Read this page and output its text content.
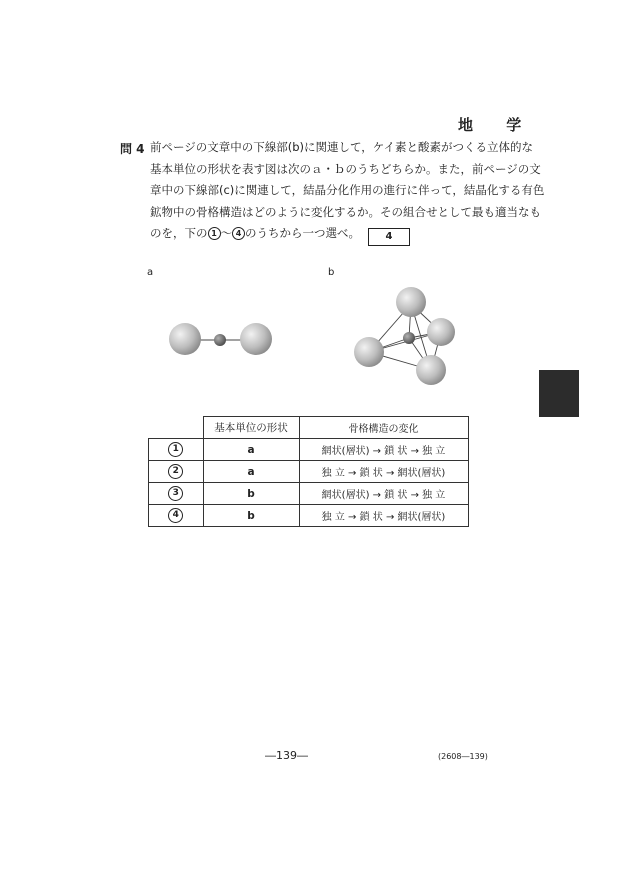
地 学
問 4 前ページの文章中の下線部(b)に関連して，ケイ素と酸素がつくる立体的な
基本単位の形状を表す図は次のａ・ｂのうちどちらか。また，前ページの文
章中の下線部(c)に関連して，結晶分化作用の進行に伴って，結晶化する有色
鉱物中の骨格構造はどのように変化するか。その組合せとして最も適当なも
のを，下の 1 ～ 4 のうちから一つ選べ。	4
a	b
	基本単位の形状	骨格構造の変化
1	a	網状(層状) → 鎖 状 → 独 立
2	a	独 立 → 鎖 状 → 網状(層状)
3	b	網状(層状) → 鎖 状 → 独 立
4	b	独 立 → 鎖 状 → 網状(層状)
―139―	(2608―139)
